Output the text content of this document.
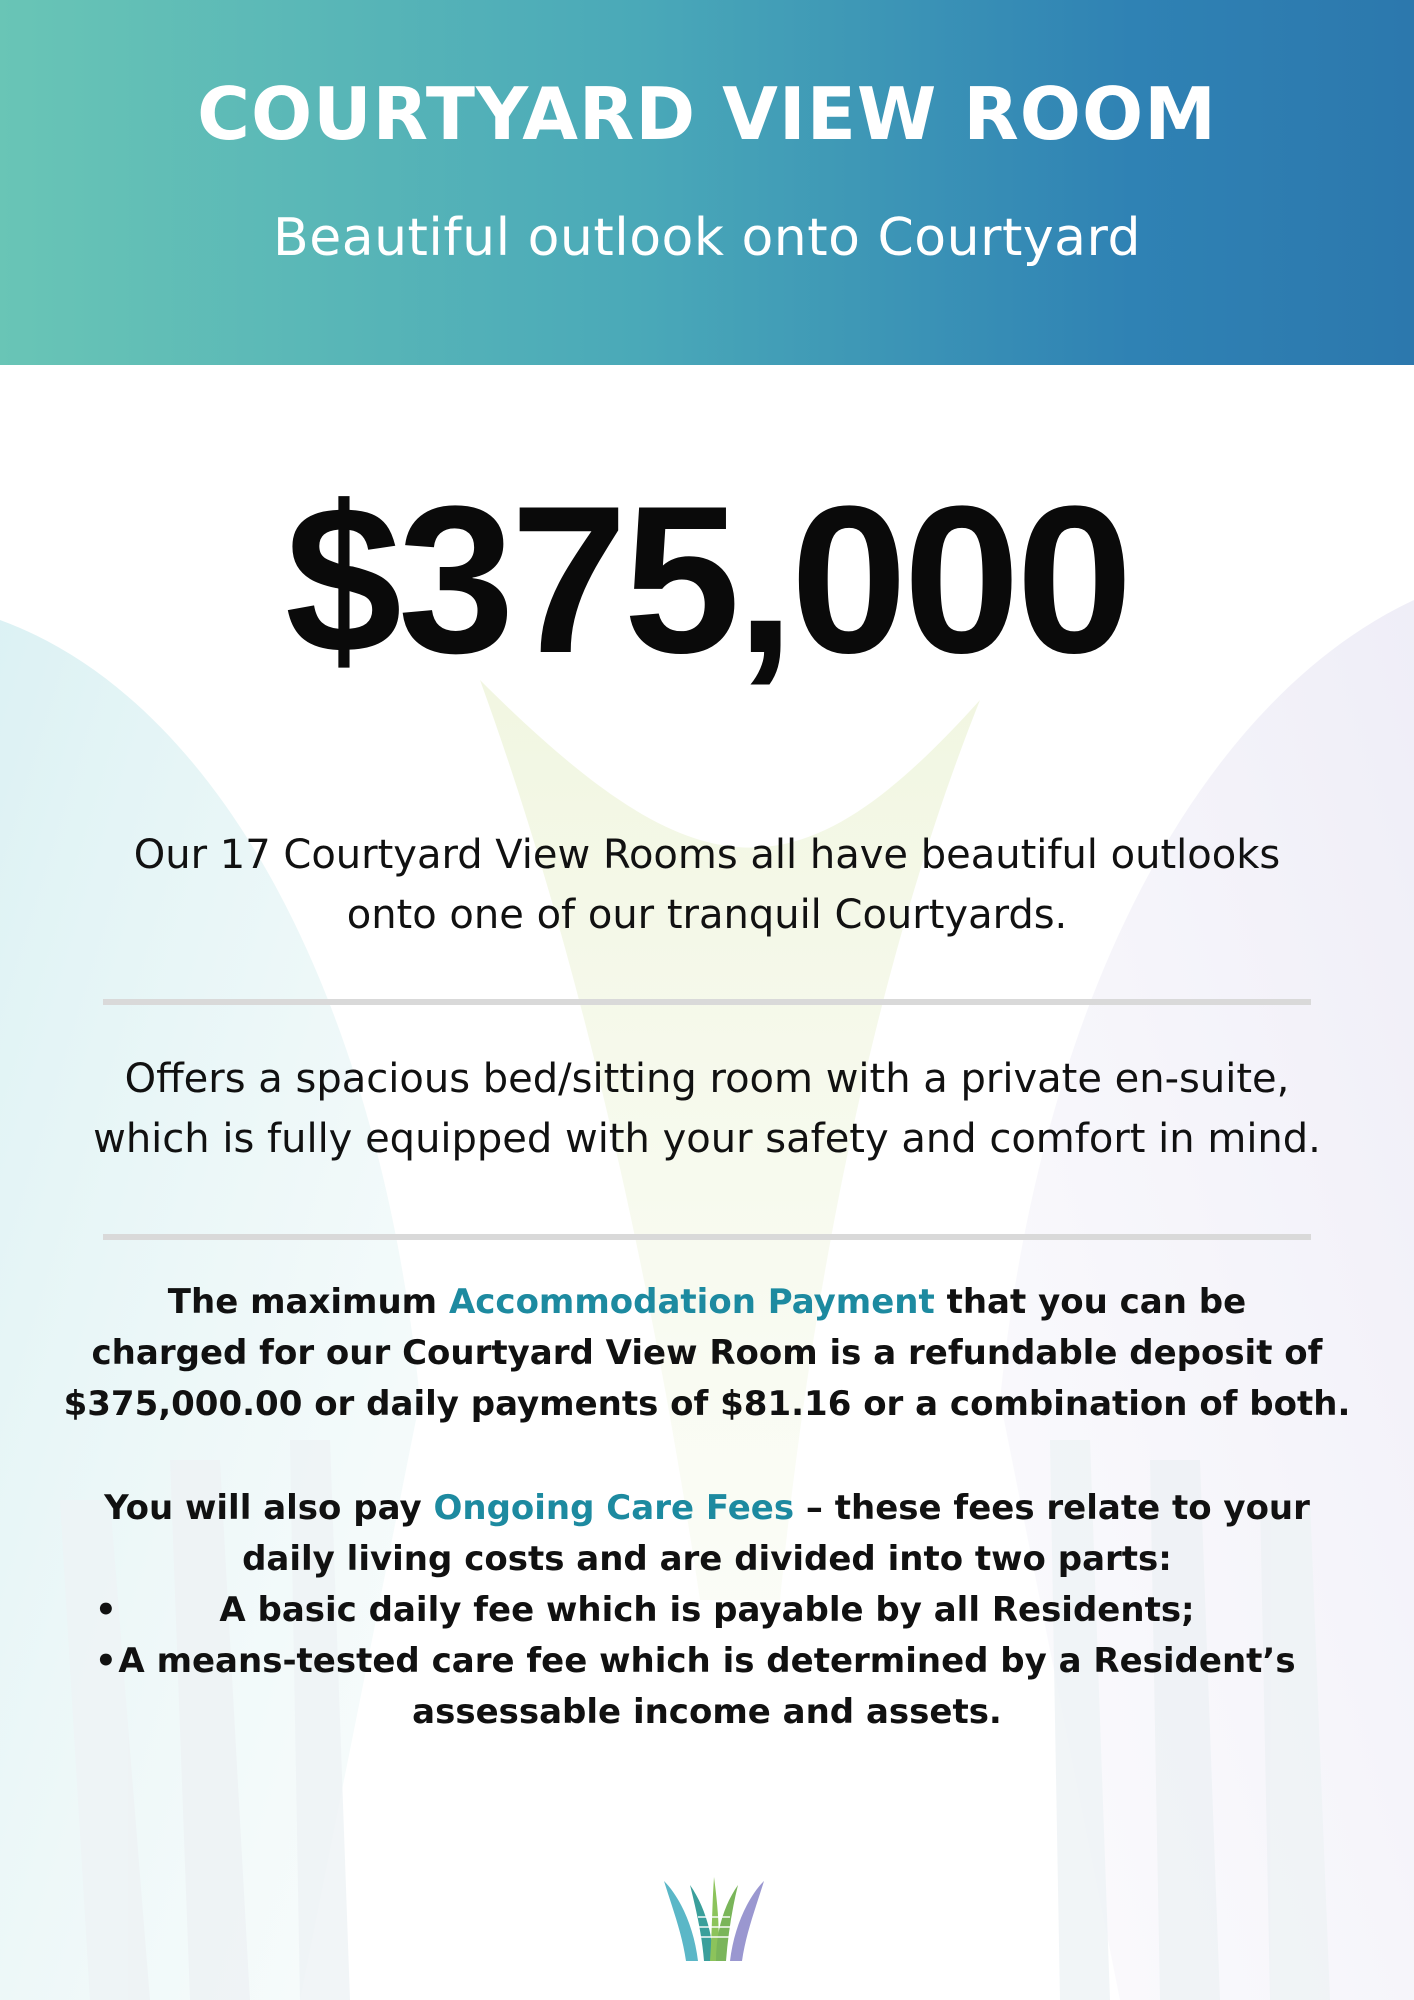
COURTYARD VIEW ROOM
Beautiful outlook onto Courtyard
$375,000
Our 17 Courtyard View Rooms all have beautiful outlooks
onto one of our tranquil Courtyards.
Offers a spacious bed/sitting room with a private en-suite,
which is fully equipped with your safety and comfort in mind.
The maximum Accommodation Payment that you can be
charged for our Courtyard View Room is a refundable deposit of
$375,000.00 or daily payments of $81.16 or a combination of both.
You will also pay Ongoing Care Fees – these fees relate to your
daily living costs and are divided into two parts:
•	A basic daily fee which is payable by all Residents;
• A means-tested care fee which is determined by a Resident’s
assessable income and assets.
